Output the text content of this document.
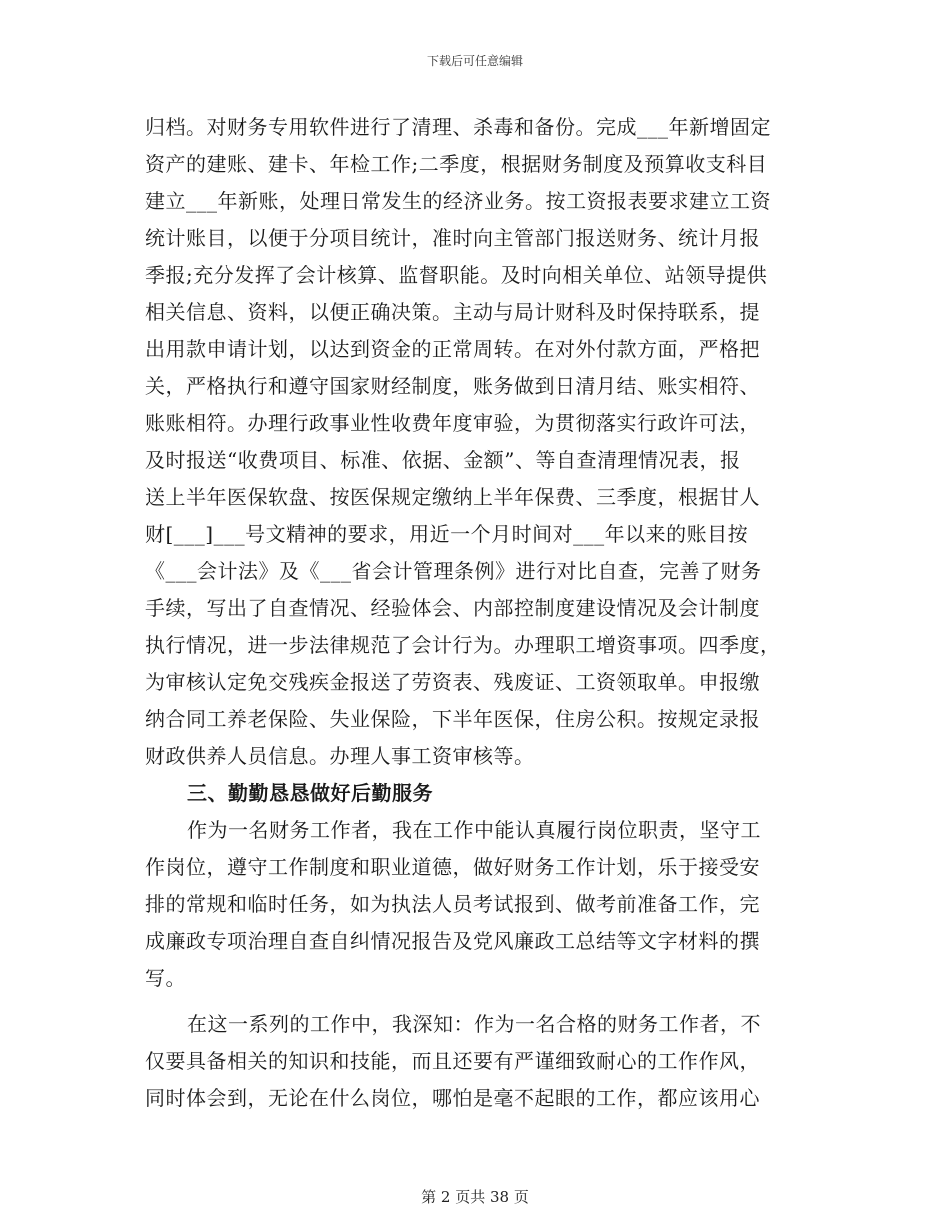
下载后可任意编辑
归档。对财务专用软件进行了清理、杀毒和备份。完成___年新增固定
资产的建账、建卡、年检工作;二季度，根据财务制度及预算收支科目
建立___年新账，处理日常发生的经济业务。按工资报表要求建立工资
统计账目，以便于分项目统计，准时向主管部门报送财务、统计月报
季报;充分发挥了会计核算、监督职能。及时向相关单位、站领导提供
相关信息、资料，以便正确决策。主动与局计财科及时保持联系，提
出用款申请计划，以达到资金的正常周转。在对外付款方面，严格把
关，严格执行和遵守国家财经制度，账务做到日清月结、账实相符、
账账相符。办理行政事业性收费年度审验，为贯彻落实行政许可法，
及时报送“收费项目、标准、依据、金额”、等自查清理情况表，报
送上半年医保软盘、按医保规定缴纳上半年保费、三季度，根据甘人
财[___]___号文精神的要求，用近一个月时间对___年以来的账目按
《___会计法》及《___省会计管理条例》进行对比自查，完善了财务
手续，写出了自查情况、经验体会、内部控制度建设情况及会计制度
执行情况，进一步法律规范了会计行为。办理职工增资事项。四季度，
为审核认定免交残疾金报送了劳资表、残废证、工资领取单。申报缴
纳合同工养老保险、失业保险，下半年医保，住房公积。按规定录报
财政供养人员信息。办理人事工资审核等。
三、勤勤恳恳做好后勤服务
作为一名财务工作者，我在工作中能认真履行岗位职责，坚守工
作岗位，遵守工作制度和职业道德，做好财务工作计划，乐于接受安
排的常规和临时任务，如为执法人员考试报到、做考前准备工作，完
成廉政专项治理自查自纠情况报告及党风廉政工总结等文字材料的撰
写。
在这一系列的工作中，我深知：作为一名合格的财务工作者，不
仅要具备相关的知识和技能，而且还要有严谨细致耐心的工作作风，
同时体会到，无论在什么岗位，哪怕是毫不起眼的工作，都应该用心
第 2 页共 38 页
